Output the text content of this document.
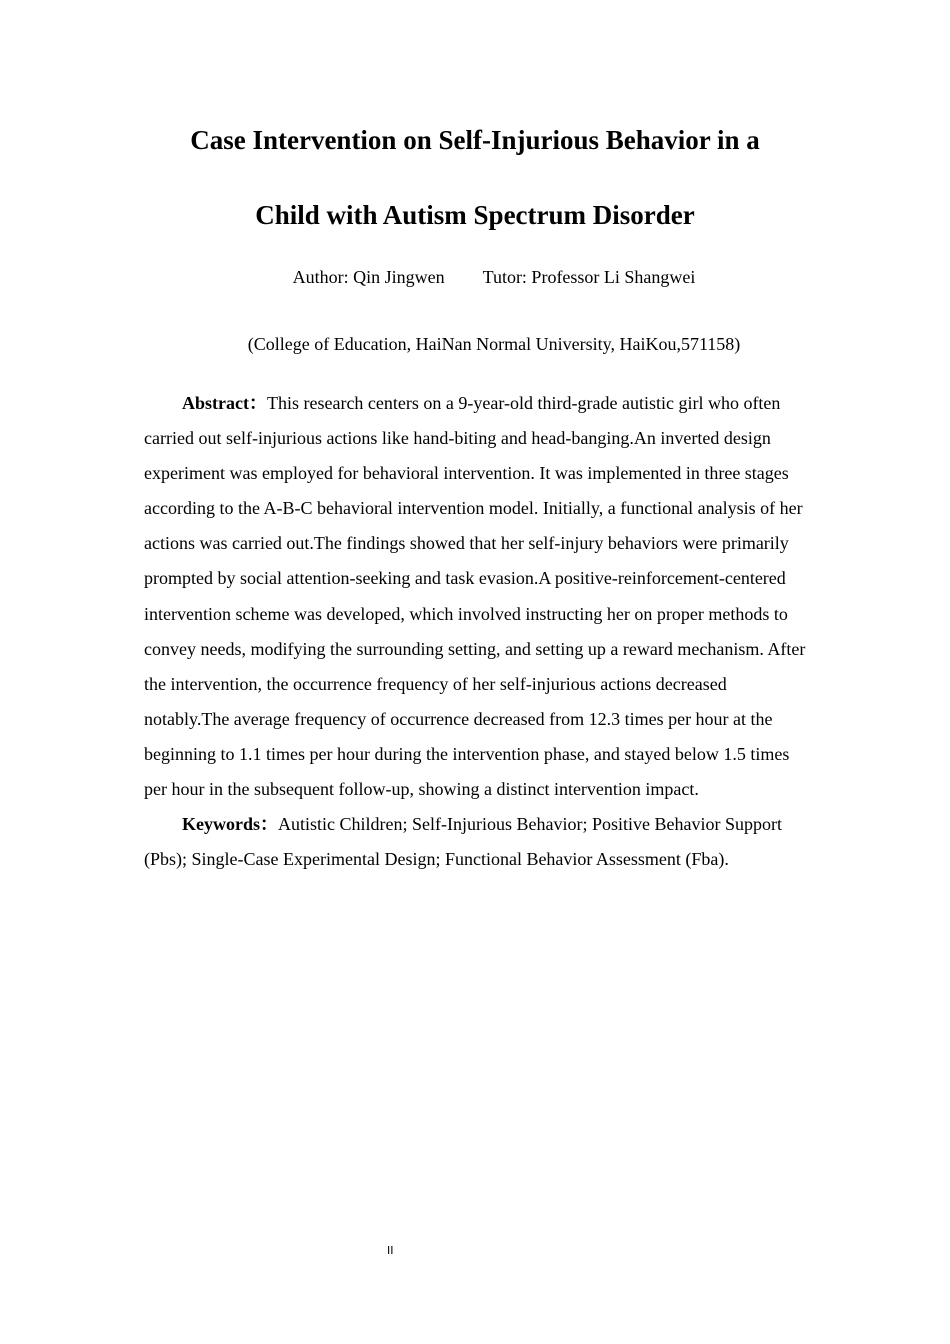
Case Intervention on Self-Injurious Behavior in a
Child with Autism Spectrum Disorder
Author: Qin Jingwen Tutor: Professor Li Shangwei
(College of Education, HaiNan Normal University, HaiKou,571158)

Abstract：This research centers on a 9-year-old third-grade autistic girl who often carried out self-injurious actions like hand-biting and head-banging.An inverted design experiment was employed for behavioral intervention. It was implemented in three stages according to the A-B-C behavioral intervention model. Initially, a functional analysis of her actions was carried out.The findings showed that her self-injury behaviors were primarily prompted by social attention-seeking and task evasion.A positive-reinforcement-centered intervention scheme was developed, which involved instructing her on proper methods to convey needs, modifying the surrounding setting, and setting up a reward mechanism. After the intervention, the occurrence frequency of her self-injurious actions decreased notably.The average frequency of occurrence decreased from 12.3 times per hour at the beginning to 1.1 times per hour during the intervention phase, and stayed below 1.5 times per hour in the subsequent follow-up, showing a distinct intervention impact.

Keywords：Autistic Children; Self-Injurious Behavior; Positive Behavior Support (Pbs); Single-Case Experimental Design; Functional Behavior Assessment (Fba).

II
